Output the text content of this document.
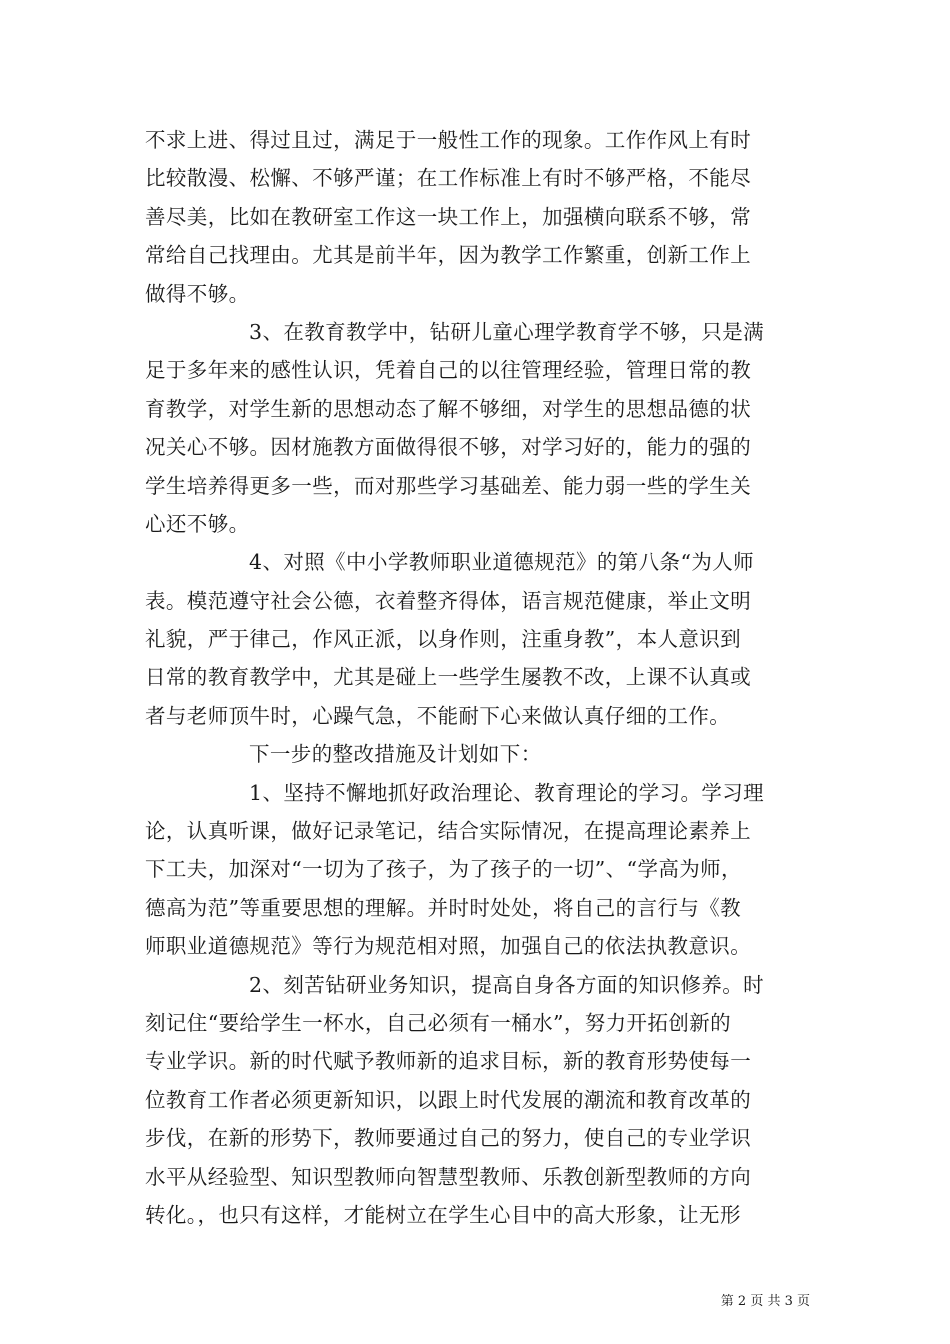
不求上进、得过且过，满足于一般性工作的现象。工作作风上有时
比较散漫、松懈、不够严谨；在工作标准上有时不够严格，不能尽
善尽美，比如在教研室工作这一块工作上，加强横向联系不够，常
常给自己找理由。尤其是前半年，因为教学工作繁重，创新工作上
做得不够。
3、在教育教学中，钻研儿童心理学教育学不够，只是满
足于多年来的感性认识，凭着自己的以往管理经验，管理日常的教
育教学，对学生新的思想动态了解不够细，对学生的思想品德的状
况关心不够。因材施教方面做得很不够，对学习好的，能力的强的
学生培养得更多一些，而对那些学习基础差、能力弱一些的学生关
心还不够。
4、对照《中小学教师职业道德规范》的第八条“为人师
表。模范遵守社会公德，衣着整齐得体，语言规范健康，举止文明
礼貌，严于律己，作风正派，以身作则，注重身教”，本人意识到
日常的教育教学中，尤其是碰上一些学生屡教不改，上课不认真或
者与老师顶牛时，心躁气急，不能耐下心来做认真仔细的工作。
下一步的整改措施及计划如下：
1、坚持不懈地抓好政治理论、教育理论的学习。学习理
论，认真听课，做好记录笔记，结合实际情况，在提高理论素养上
下工夫，加深对“一切为了孩子，为了孩子的一切”、“学高为师，
德高为范”等重要思想的理解。并时时处处，将自己的言行与《教
师职业道德规范》等行为规范相对照，加强自己的依法执教意识。
2、刻苦钻研业务知识，提高自身各方面的知识修养。时
刻记住“要给学生一杯水，自己必须有一桶水”，努力开拓创新的
专业学识。新的时代赋予教师新的追求目标，新的教育形势使每一
位教育工作者必须更新知识，以跟上时代发展的潮流和教育改革的
步伐，在新的形势下，教师要通过自己的努力，使自己的专业学识
水平从经验型、知识型教师向智慧型教师、乐教创新型教师的方向
转化。，也只有这样，才能树立在学生心目中的高大形象，让无形
第 2 页 共 3 页
